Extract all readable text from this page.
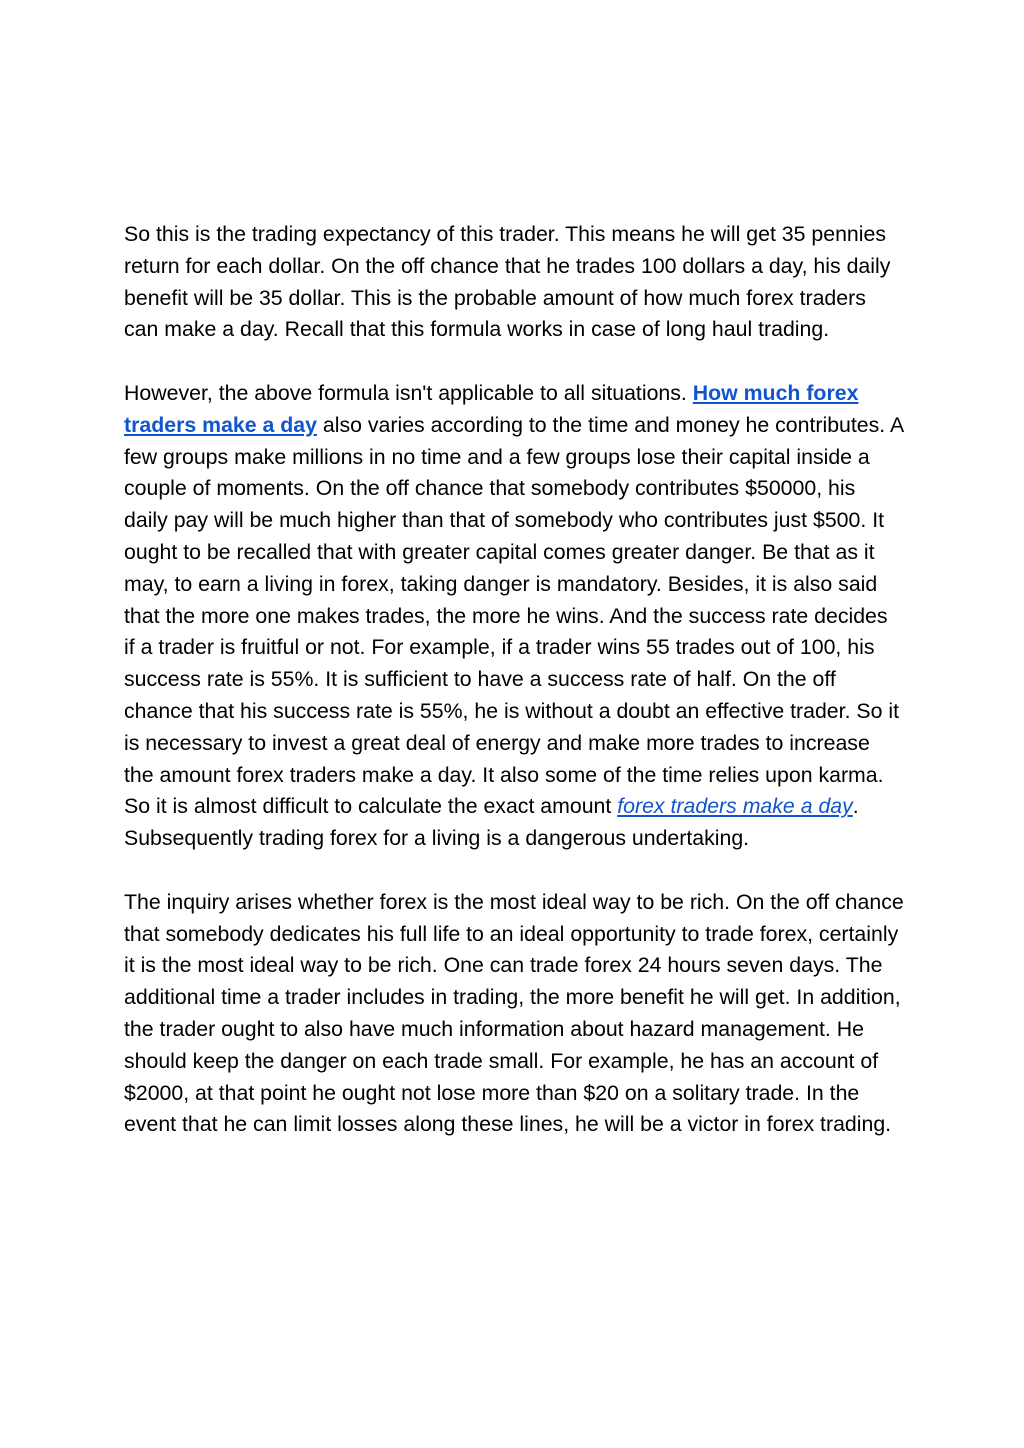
So this is the trading expectancy of this trader. This means he will get 35 pennies return for each dollar. On the off chance that he trades 100 dollars a day, his daily benefit will be 35 dollar. This is the probable amount of how much forex traders can make a day. Recall that this formula works in case of long haul trading.

However, the above formula isn't applicable to all situations. How much forex traders make a day also varies according to the time and money he contributes. A few groups make millions in no time and a few groups lose their capital inside a couple of moments. On the off chance that somebody contributes $50000, his daily pay will be much higher than that of somebody who contributes just $500. It ought to be recalled that with greater capital comes greater danger. Be that as it may, to earn a living in forex, taking danger is mandatory. Besides, it is also said that the more one makes trades, the more he wins. And the success rate decides if a trader is fruitful or not. For example, if a trader wins 55 trades out of 100, his success rate is 55%. It is sufficient to have a success rate of half. On the off chance that his success rate is 55%, he is without a doubt an effective trader. So it is necessary to invest a great deal of energy and make more trades to increase the amount forex traders make a day. It also some of the time relies upon karma. So it is almost difficult to calculate the exact amount forex traders make a day. Subsequently trading forex for a living is a dangerous undertaking.

The inquiry arises whether forex is the most ideal way to be rich. On the off chance that somebody dedicates his full life to an ideal opportunity to trade forex, certainly it is the most ideal way to be rich. One can trade forex 24 hours seven days. The additional time a trader includes in trading, the more benefit he will get. In addition, the trader ought to also have much information about hazard management. He should keep the danger on each trade small. For example, he has an account of $2000, at that point he ought not lose more than $20 on a solitary trade. In the event that he can limit losses along these lines, he will be a victor in forex trading.
